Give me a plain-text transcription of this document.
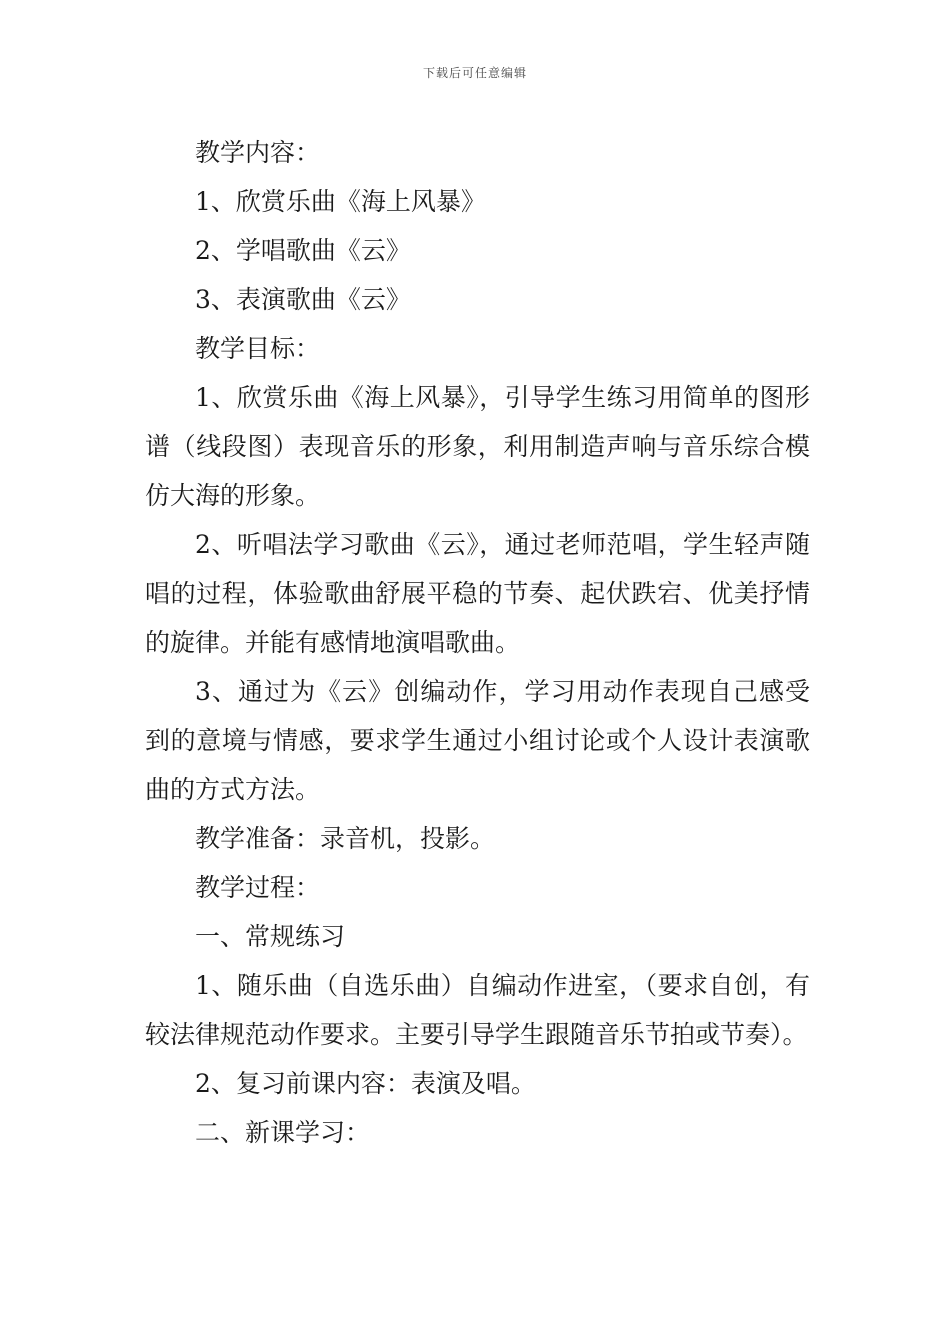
下载后可任意编辑

教学内容：

1、欣赏乐曲《海上风暴》

2、学唱歌曲《云》

3、表演歌曲《云》

教学目标：

1、欣赏乐曲《海上风暴》，引导学生练习用简单的图形谱（线段图）表现音乐的形象，利用制造声响与音乐综合模仿大海的形象。

2、听唱法学习歌曲《云》，通过老师范唱，学生轻声随唱的过程，体验歌曲舒展平稳的节奏、起伏跌宕、优美抒情的旋律。并能有感情地演唱歌曲。

3、通过为《云》创编动作，学习用动作表现自己感受到的意境与情感，要求学生通过小组讨论或个人设计表演歌曲的方式方法。

教学准备：录音机，投影。

教学过程：

一、常规练习

1、随乐曲（自选乐曲）自编动作进室，（要求自创，有较法律规范动作要求。主要引导学生跟随音乐节拍或节奏）。

2、复习前课内容：表演及唱。

二、新课学习：
